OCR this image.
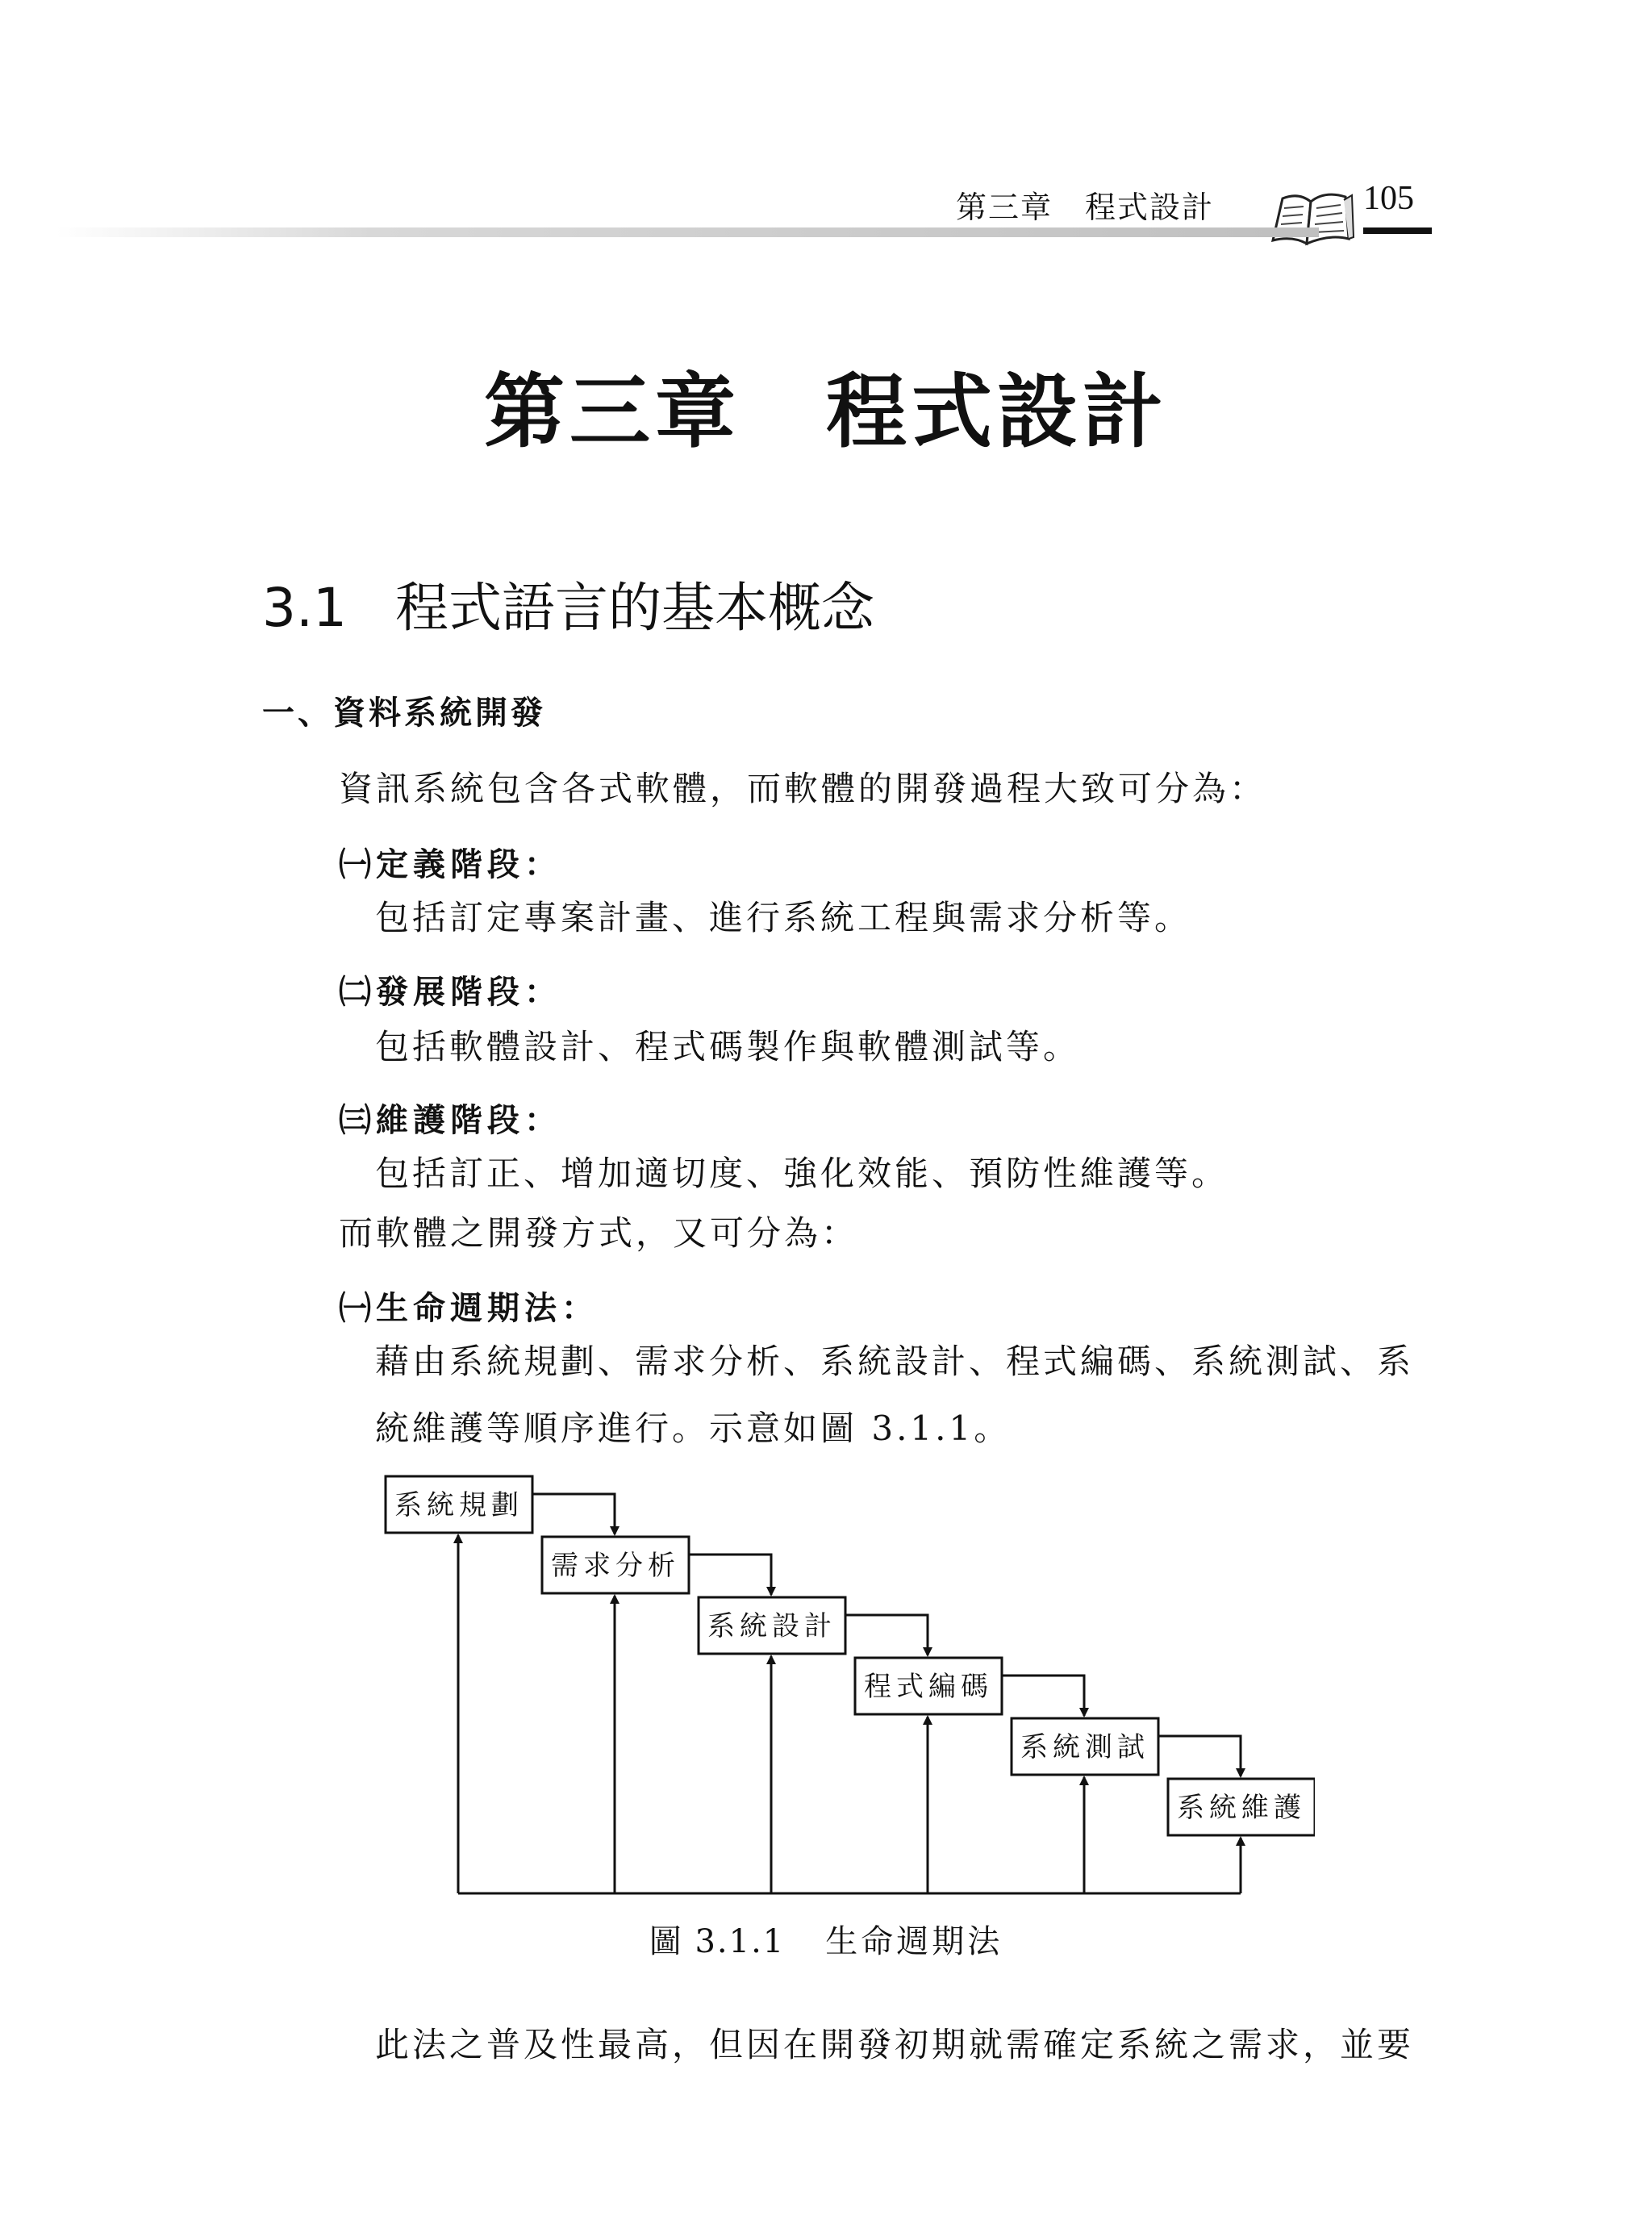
第三章　程式設計	105
第三章　程式設計
3.1 程式語言的基本概念
一、資料系統開發
資訊系統包含各式軟體，而軟體的開發過程大致可分為：
㈠定義階段：
包括訂定專案計畫、進行系統工程與需求分析等。
㈡發展階段：
包括軟體設計、程式碼製作與軟體測試等。
㈢維護階段：
包括訂正、增加適切度、強化效能、預防性維護等。
而軟體之開發方式，又可分為：
㈠生命週期法：
藉由系統規劃、需求分析、系統設計、程式編碼、系統測試、系
統維護等順序進行。示意如圖 3.1.1。
系統規劃
需求分析
系統設計
程式編碼
系統測試
系統維護
圖 3.1.1 生命週期法
此法之普及性最高，但因在開發初期就需確定系統之需求，並要
